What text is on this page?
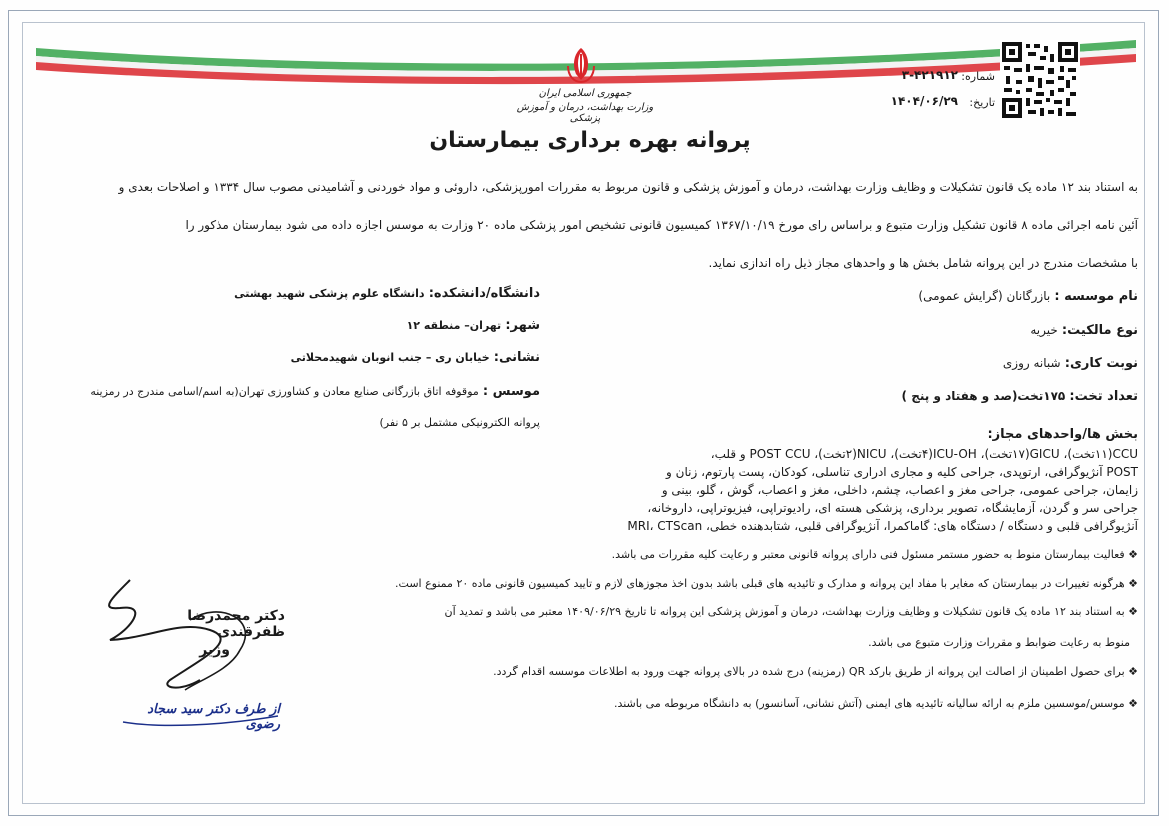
جمهوری اسلامی ایران
وزارت بهداشت، درمان و آموزش پزشکی
شماره:
۳-۴۲۱۹۱۲
تاریخ:
۱۴۰۴/۰۶/۲۹
پروانه بهره برداری بیمارستان
به استناد بند ۱۲ ماده یک قانون تشکیلات و وظایف وزارت بهداشت، درمان و آموزش پزشکی و قانون مربوط به مقررات امورپزشکی، داروئی و مواد خوردنی و آشامیدنی مصوب سال ۱۳۳۴ و اصلاحات بعدی و
آئین نامه اجرائی ماده ۸ قانون تشکیل وزارت متبوع و براساس رای مورخ ۱۳۶۷/۱۰/۱۹ کمیسیون قانونی تشخیص امور پزشکی ماده ۲۰ وزارت به موسس اجازه داده می شود بیمارستان مذکور را
با مشخصات مندرج در این پروانه شامل بخش ها و واحدهای مجاز ذیل راه اندازی نماید.
نام موسسه : بازرگانان (گرایش عمومی)
نوع مالکیت: خیریه
نوبت کاری: شبانه روزی
تعداد تخت: ۱۷۵تخت(صد و هفتاد و پنج )
دانشگاه/دانشکده: دانشگاه علوم پزشکی شهید بهشتی
شهر: تهران– منطقه ۱۲
نشانی: خیابان ری – جنب انوبان شهیدمحلاتی
موسس : موقوفه اتاق بازرگانی صنایع معادن و کشاورزی تهران(به اسم/اسامی مندرج در رمزینه
پروانه الکترونیکی مشتمل بر ۵ نفر)
بخش ها/واحدهای مجاز:
CCU(۱۱تخت)، GICU(۱۷تخت)، ICU-OH(۴تخت)، NICU(۲تخت)، POST CCU و قلب،
POST آنژیوگرافی، ارتوپدی، جراحی کلیه و مجاری ادراری تناسلی، کودکان، پست پارتوم، زنان و
زایمان، جراحی عمومی، جراحی مغز و اعصاب، چشم، داخلی، مغز و اعصاب، گوش ، گلو، بینی و
جراحی سر و گردن، آزمایشگاه، تصویر برداری، پزشکی هسته ای، رادیوتراپی، فیزیوتراپی، داروخانه،
آنژیوگرافی قلبی و دستگاه / دستگاه های: گاماکمرا، آنژیوگرافی قلبی، شتابدهنده خطی، MRI، CTScan
❖ فعالیت بیمارستان منوط به حضور مستمر مسئول فنی دارای پروانه قانونی معتبر و رعایت کلیه مقررات می باشد.
❖ هرگونه تغییرات در بیمارستان که مغایر با مفاد این پروانه و مدارک و تائیدیه های قبلی باشد بدون اخذ مجوزهای لازم و تایید کمیسیون قانونی ماده ۲۰ ممنوع است.
❖ به استناد بند ۱۲ ماده یک قانون تشکیلات و وظایف وزارت بهداشت، درمان و آموزش پزشکی این پروانه تا تاریخ ۱۴۰۹/۰۶/۲۹ معتبر می باشد و تمدید آن
منوط به رعایت ضوابط و مقررات وزارت متبوع می باشد.
❖ برای حصول اطمینان از اصالت این پروانه از طریق بارکد QR (رمزینه) درج شده در بالای پروانه جهت ورود به اطلاعات موسسه اقدام گردد.
❖ موسس/موسسین ملزم به ارائه سالیانه تائیدیه های ایمنی (آتش نشانی، آسانسور) به دانشگاه مربوطه می باشند.
دکتر محمدرضا ظفرقندی
وزیر
از طرف دکتر سید سجاد رضوی
